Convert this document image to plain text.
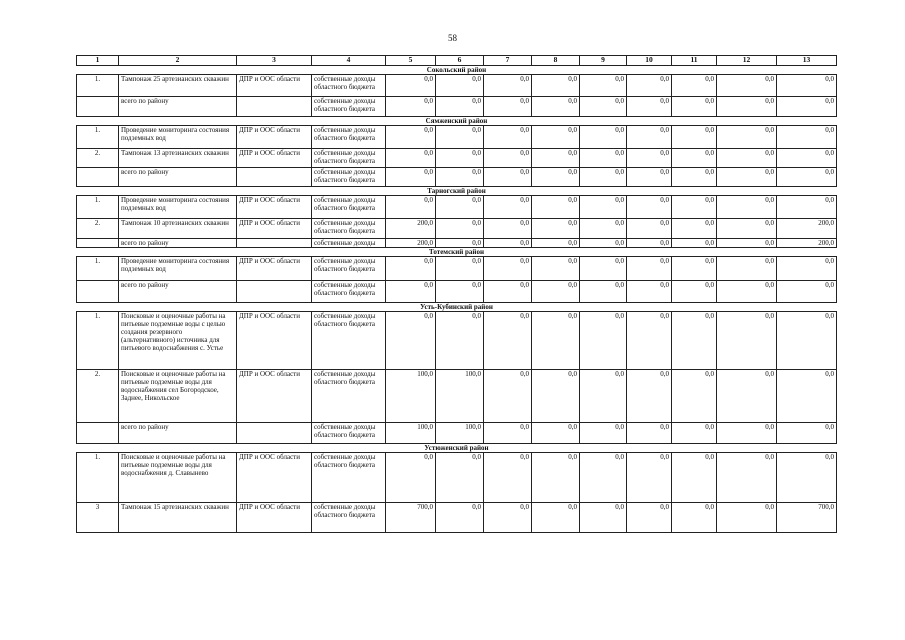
58
1	2	3	4	5	6	7	8	9	10	11	12	13
Сокольский район												
1.	Тампонаж 25 артезианских скважин	ДПР и ООС области	собственные доходы областного бюджета	0,0	0,0	0,0	0,0	0,0	0,0	0,0	0,0	0,0
	всего по району		собственные доходы областного бюджета	0,0	0,0	0,0	0,0	0,0	0,0	0,0	0,0	0,0
Сямженский район												
1.	Проведение мониторинга состояния подземных вод	ДПР и ООС области	собственные доходы областного бюджета	0,0	0,0	0,0	0,0	0,0	0,0	0,0	0,0	0,0
2.	Тампонаж 13 артезианских скважин	ДПР и ООС области	собственные доходы областного бюджета	0,0	0,0	0,0	0,0	0,0	0,0	0,0	0,0	0,0
	всего по району		собственные доходы областного бюджета	0,0	0,0	0,0	0,0	0,0	0,0	0,0	0,0	0,0
Тарногский район												
1.	Проведение мониторинга состояния подземных вод	ДПР и ООС области	собственные доходы областного бюджета	0,0	0,0	0,0	0,0	0,0	0,0	0,0	0,0	0,0
2.	Тампонаж 10 артезианских скважин	ДПР и ООС области	собственные доходы областного бюджета	200,0	0,0	0,0	0,0	0,0	0,0	0,0	0,0	200,0
	всего по району		собственные доходы	200,0	0,0	0,0	0,0	0,0	0,0	0,0	0,0	200,0
Тотемский район												
1.	Проведение мониторинга состояния подземных вод	ДПР и ООС области	собственные доходы областного бюджета	0,0	0,0	0,0	0,0	0,0	0,0	0,0	0,0	0,0
	всего по району		собственные доходы областного бюджета	0,0	0,0	0,0	0,0	0,0	0,0	0,0	0,0	0,0
Усть-Кубинский район												
1.	Поисковые и оценочные работы на питьевые подземные воды с целью создания резервного (альтернативного) источника для питьевого водоснабжения с. Устье	ДПР и ООС области	собственные доходы областного бюджета	0,0	0,0	0,0	0,0	0,0	0,0	0,0	0,0	0,0
2.	Поисковые и оценочные работы на питьевые подземные воды для водоснабжения сел Богородское, Заднее, Никольское	ДПР и ООС области	собственные доходы областного бюджета	100,0	100,0	0,0	0,0	0,0	0,0	0,0	0,0	0,0
	всего по району		собственные доходы областного бюджета	100,0	100,0	0,0	0,0	0,0	0,0	0,0	0,0	0,0
Устюженский район												
1.	Поисковые и оценочные работы на питьевые подземные воды для водоснабжения д. Славынево	ДПР и ООС области	собственные доходы областного бюджета	0,0	0,0	0,0	0,0	0,0	0,0	0,0	0,0	0,0
3	Тампонаж 15 артезианских скважин	ДПР и ООС области	собственные доходы областного бюджета	700,0	0,0	0,0	0,0	0,0	0,0	0,0	0,0	700,0
